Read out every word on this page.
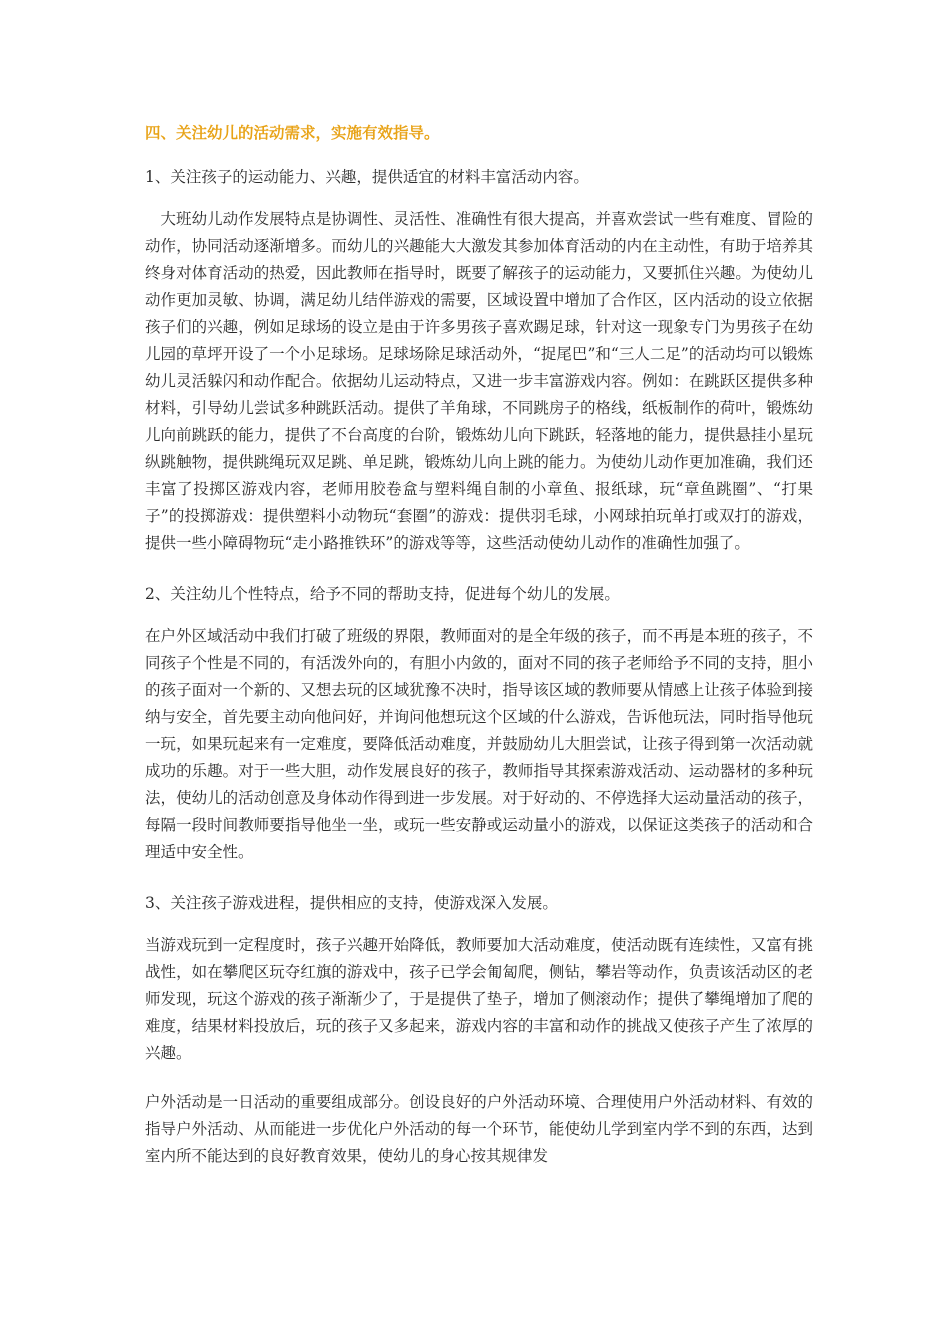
四、关注幼儿的活动需求，实施有效指导。
1、关注孩子的运动能力、兴趣，提供适宜的材料丰富活动内容。
大班幼儿动作发展特点是协调性、灵活性、准确性有很大提高，并喜欢尝试一些有难度、冒险的动作，协同活动逐渐增多。而幼儿的兴趣能大大激发其参加体育活动的内在主动性，有助于培养其终身对体育活动的热爱，因此教师在指导时，既要了解孩子的运动能力，又要抓住兴趣。为使幼儿动作更加灵敏、协调，满足幼儿结伴游戏的需要，区域设置中增加了合作区，区内活动的设立依据孩子们的兴趣，例如足球场的设立是由于许多男孩子喜欢踢足球，针对这一现象专门为男孩子在幼儿园的草坪开设了一个小足球场。足球场除足球活动外，“捉尾巴”和“三人二足”的活动均可以锻炼幼儿灵活躲闪和动作配合。依据幼儿运动特点，又进一步丰富游戏内容。例如：在跳跃区提供多种材料，引导幼儿尝试多种跳跃活动。提供了羊角球，不同跳房子的格线，纸板制作的荷叶，锻炼幼儿向前跳跃的能力，提供了不台高度的台阶，锻炼幼儿向下跳跃，轻落地的能力，提供悬挂小星玩纵跳触物，提供跳绳玩双足跳、单足跳，锻炼幼儿向上跳的能力。为使幼儿动作更加准确，我们还丰富了投掷区游戏内容，老师用胶卷盒与塑料绳自制的小章鱼、报纸球，玩“章鱼跳圈”、“打果子”的投掷游戏：提供塑料小动物玩“套圈”的游戏：提供羽毛球，小网球拍玩单打或双打的游戏，提供一些小障碍物玩“走小路推铁环”的游戏等等，这些活动使幼儿动作的准确性加强了。
2、关注幼儿个性特点，给予不同的帮助支持，促进每个幼儿的发展。
在户外区域活动中我们打破了班级的界限，教师面对的是全年级的孩子，而不再是本班的孩子，不同孩子个性是不同的，有活泼外向的，有胆小内敛的，面对不同的孩子老师给予不同的支持，胆小的孩子面对一个新的、又想去玩的区域犹豫不决时，指导该区域的教师要从情感上让孩子体验到接纳与安全，首先要主动向他问好，并询问他想玩这个区域的什么游戏，告诉他玩法，同时指导他玩一玩，如果玩起来有一定难度，要降低活动难度，并鼓励幼儿大胆尝试，让孩子得到第一次活动就成功的乐趣。对于一些大胆，动作发展良好的孩子，教师指导其探索游戏活动、运动器材的多种玩法，使幼儿的活动创意及身体动作得到进一步发展。对于好动的、不停选择大运动量活动的孩子，每隔一段时间教师要指导他坐一坐，或玩一些安静或运动量小的游戏，以保证这类孩子的活动和合理适中安全性。
3、关注孩子游戏进程，提供相应的支持，使游戏深入发展。
当游戏玩到一定程度时，孩子兴趣开始降低，教师要加大活动难度，使活动既有连续性，又富有挑战性，如在攀爬区玩夺红旗的游戏中，孩子已学会匍匐爬，侧钻，攀岩等动作，负责该活动区的老师发现，玩这个游戏的孩子渐渐少了，于是提供了垫子，增加了侧滚动作；提供了攀绳增加了爬的难度，结果材料投放后，玩的孩子又多起来，游戏内容的丰富和动作的挑战又使孩子产生了浓厚的兴趣。
户外活动是一日活动的重要组成部分。创设良好的户外活动环境、合理使用户外活动材料、有效的指导户外活动、从而能进一步优化户外活动的每一个环节，能使幼儿学到室内学不到的东西，达到室内所不能达到的良好教育效果，使幼儿的身心按其规律发
